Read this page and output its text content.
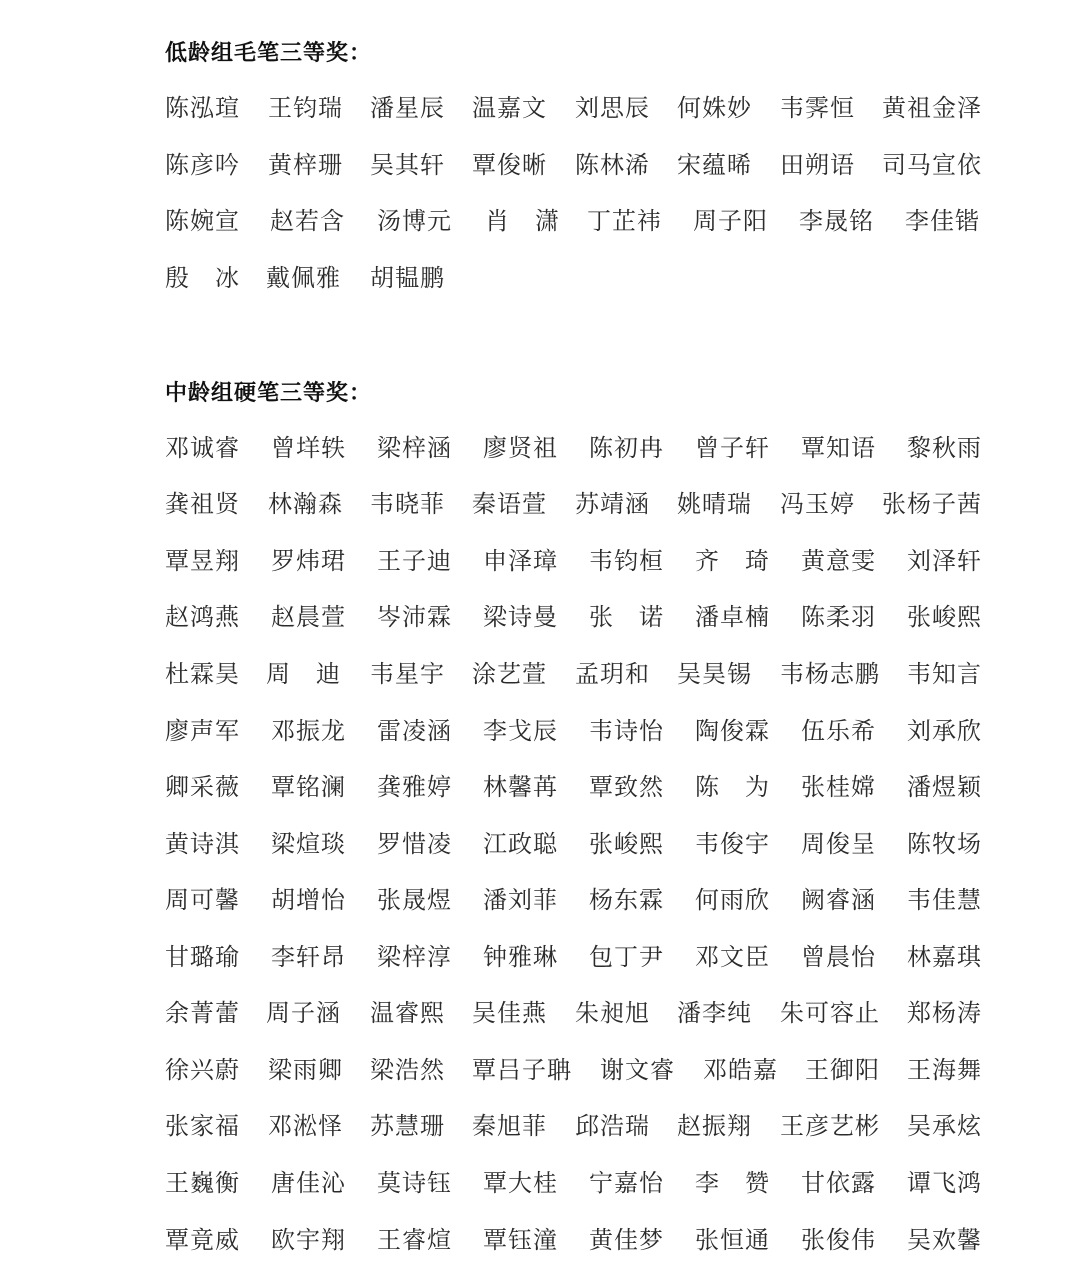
低龄组毛笔三等奖：
陈泓瑄 王钧瑞 潘星辰 温嘉文 刘思辰 何姝妙 韦霁恒 黄祖金泽
陈彦吟 黄梓珊 吴其轩 覃俊晰 陈林浠 宋蕴晞 田朔语 司马宣依
陈婉宣 赵若含 汤博元 肖　潇 丁芷祎 周子阳 李晟铭 李佳锴
殷　冰 戴佩雅 胡韫鹏
中龄组硬笔三等奖：
邓诚睿 曾垟轶 梁梓涵 廖贤祖 陈初冉 曾子轩 覃知语 黎秋雨
龚祖贤 林瀚森 韦晓菲 秦语萱 苏靖涵 姚晴瑞 冯玉婷 张杨子茜
覃昱翔 罗炜珺 王子迪 申泽璋 韦钧桓 齐　琦 黄意雯 刘泽轩
赵鸿燕 赵晨萱 岑沛霖 梁诗曼 张　诺 潘卓楠 陈柔羽 张峻熙
杜霖昊 周　迪 韦星宇 涂艺萱 孟玥和 吴昊锡 韦杨志鹏 韦知言
廖声军 邓振龙 雷凌涵 李戈辰 韦诗怡 陶俊霖 伍乐希 刘承欣
卿采薇 覃铭澜 龚雅婷 林馨苒 覃致然 陈　为 张桂嫦 潘煜颖
黄诗淇 梁煊琰 罗惜凌 江政聪 张峻熙 韦俊宇 周俊呈 陈牧场
周可馨 胡增怡 张晟煜 潘刘菲 杨东霖 何雨欣 阙睿涵 韦佳慧
甘璐瑜 李轩昂 梁梓淳 钟雅琳 包丁尹 邓文臣 曾晨怡 林嘉琪
余菁蕾 周子涵 温睿熙 吴佳燕 朱昶旭 潘李纯 朱可容止 郑杨涛
徐兴蔚 梁雨卿 梁浩然 覃吕子聃 谢文睿 邓皓嘉 王御阳 王海舞
张家福 邓淞怿 苏慧珊 秦旭菲 邱浩瑞 赵振翔 王彦艺彬 吴承炫
王巍衡 唐佳沁 莫诗钰 覃大桂 宁嘉怡 李　赞 甘依露 谭飞鸿
覃竟威 欧宇翔 王睿煊 覃钰潼 黄佳梦 张恒通 张俊伟 吴欢馨
